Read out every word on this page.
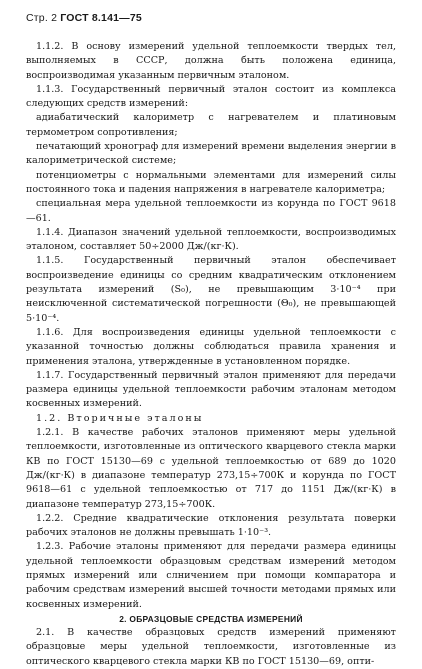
Стр. 2 ГОСТ 8.141—75

1.1.2. В основу измерений удельной теплоемкости твердых тел, выполняемых в СССР, должна быть положена единица, воспроизводимая указанным первичным эталоном.

1.1.3. Государственный первичный эталон состоит из комплекса следующих средств измерений:

адиабатический калориметр с нагревателем и платиновым термометром сопротивления;

печатающий хронограф для измерений времени выделения энергии в калориметрической системе;

потенциометры с нормальными элементами для измерений силы постоянного тока и падения напряжения в нагревателе калориметра;

специальная мера удельной теплоемкости из корунда по ГОСТ 9618—61.

1.1.4. Диапазон значений удельной теплоемкости, воспроизводимых эталоном, составляет 50÷2000 Дж/(кг·К).

1.1.5. Государственный первичный эталон обеспечивает воспроизведение единицы со средним квадратическим отклонением результата измерений (S₀), не превышающим 3·10⁻⁴ при неисключенной систематической погрешности (Θ₀), не превышающей 5·10⁻⁴.

1.1.6. Для воспроизведения единицы удельной теплоемкости с указанной точностью должны соблюдаться правила хранения и применения эталона, утвержденные в установленном порядке.

1.1.7. Государственный первичный эталон применяют для передачи размера единицы удельной теплоемкости рабочим эталонам методом косвенных измерений.

1.2. Вторичные эталоны

1.2.1. В качестве рабочих эталонов применяют меры удельной теплоемкости, изготовленные из оптического кварцевого стекла марки КВ по ГОСТ 15130—69 с удельной теплоемкостью от 689 до 1020 Дж/(кг·К) в диапазоне температур 273,15÷700К и корунда по ГОСТ 9618—61 с удельной теплоемкостью от 717 до 1151 Дж/(кг·К) в диапазоне температур 273,15÷700К.

1.2.2. Средние квадратические отклонения результата поверки рабочих эталонов не должны превышать 1·10⁻³.

1.2.3. Рабочие эталоны применяют для передачи размера единицы удельной теплоемкости образцовым средствам измерений методом прямых измерений или слничением при помощи компаратора и рабочим средствам измерений высшей точности методами прямых или косвенных измерений.

2. ОБРАЗЦОВЫЕ СРЕДСТВА ИЗМЕРЕНИЙ

2.1. В качестве образцовых средств измерений применяют образцовые меры удельной теплоемкости, изготовленные из оптического кварцевого стекла марки КВ по ГОСТ 15130—69, опти-
